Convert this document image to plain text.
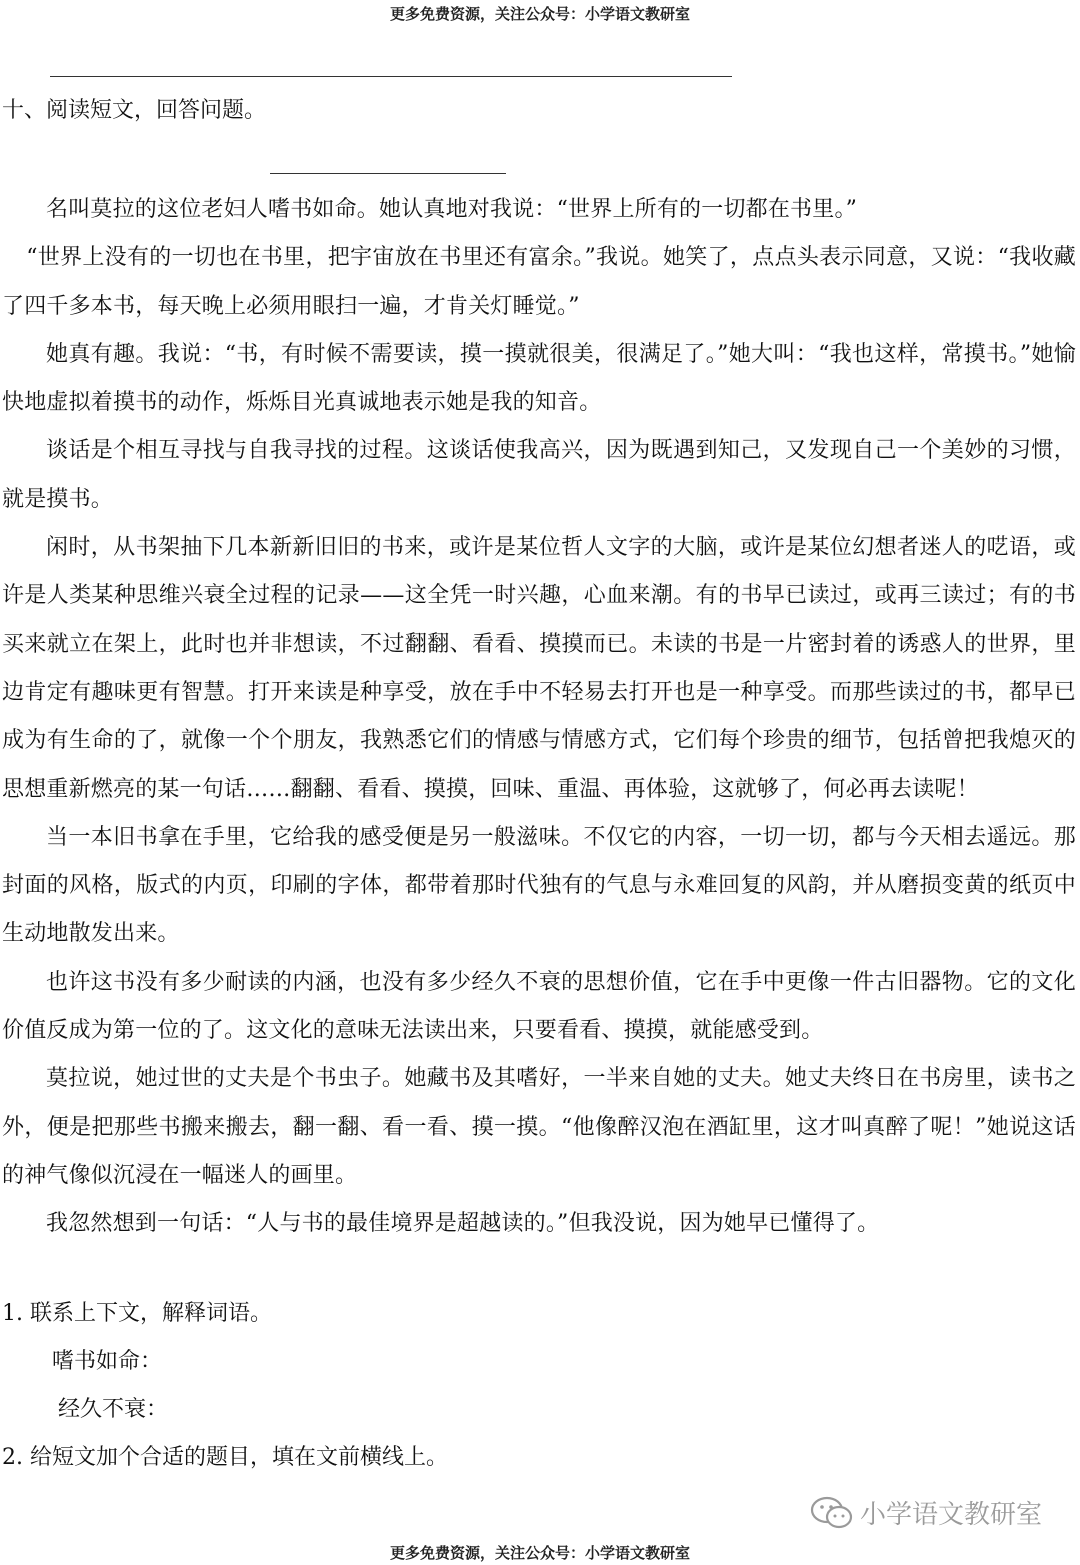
更多免费资源，关注公众号：小学语文教研室
十、阅读短文，回答问题。

名叫莫拉的这位老妇人嗜书如命。她认真地对我说：“世界上所有的一切都在书里。”

“世界上没有的一切也在书里，把宇宙放在书里还有富余。”我说。她笑了，点点头表示同意，又说：“我收藏了四千多本书，每天晚上必须用眼扫一遍，才肯关灯睡觉。”

她真有趣。我说：“书，有时候不需要读，摸一摸就很美，很满足了。”她大叫：“我也这样，常摸书。”她愉快地虚拟着摸书的动作，烁烁目光真诚地表示她是我的知音。

谈话是个相互寻找与自我寻找的过程。这谈话使我高兴，因为既遇到知己，又发现自己一个美妙的习惯，就是摸书。

闲时，从书架抽下几本新新旧旧的书来，或许是某位哲人文字的大脑，或许是某位幻想者迷人的呓语，或许是人类某种思维兴衰全过程的记录——这全凭一时兴趣，心血来潮。有的书早已读过，或再三读过；有的书买来就立在架上，此时也并非想读，不过翻翻、看看、摸摸而已。未读的书是一片密封着的诱惑人的世界，里边肯定有趣味更有智慧。打开来读是种享受，放在手中不轻易去打开也是一种享受。而那些读过的书，都早已成为有生命的了，就像一个个朋友，我熟悉它们的情感与情感方式，它们每个珍贵的细节，包括曾把我熄灭的思想重新燃亮的某一句话……翻翻、看看、摸摸，回味、重温、再体验，这就够了，何必再去读呢！

当一本旧书拿在手里，它给我的感受便是另一般滋味。不仅它的内容，一切一切，都与今天相去遥远。那封面的风格，版式的内页，印刷的字体，都带着那时代独有的气息与永难回复的风韵，并从磨损变黄的纸页中生动地散发出来。

也许这书没有多少耐读的内涵，也没有多少经久不衰的思想价值，它在手中更像一件古旧器物。它的文化价值反成为第一位的了。这文化的意味无法读出来，只要看看、摸摸，就能感受到。

莫拉说，她过世的丈夫是个书虫子。她藏书及其嗜好，一半来自她的丈夫。她丈夫终日在书房里，读书之外，便是把那些书搬来搬去，翻一翻、看一看、摸一摸。“他像醉汉泡在酒缸里，这才叫真醉了呢！”她说这话的神气像似沉浸在一幅迷人的画里。

我忽然想到一句话：“人与书的最佳境界是超越读的。”但我没说，因为她早已懂得了。

1. 联系上下文，解释词语。
嗜书如命：
经久不衰：
2. 给短文加个合适的题目，填在文前横线上。
小学语文教研室
更多免费资源，关注公众号：小学语文教研室
